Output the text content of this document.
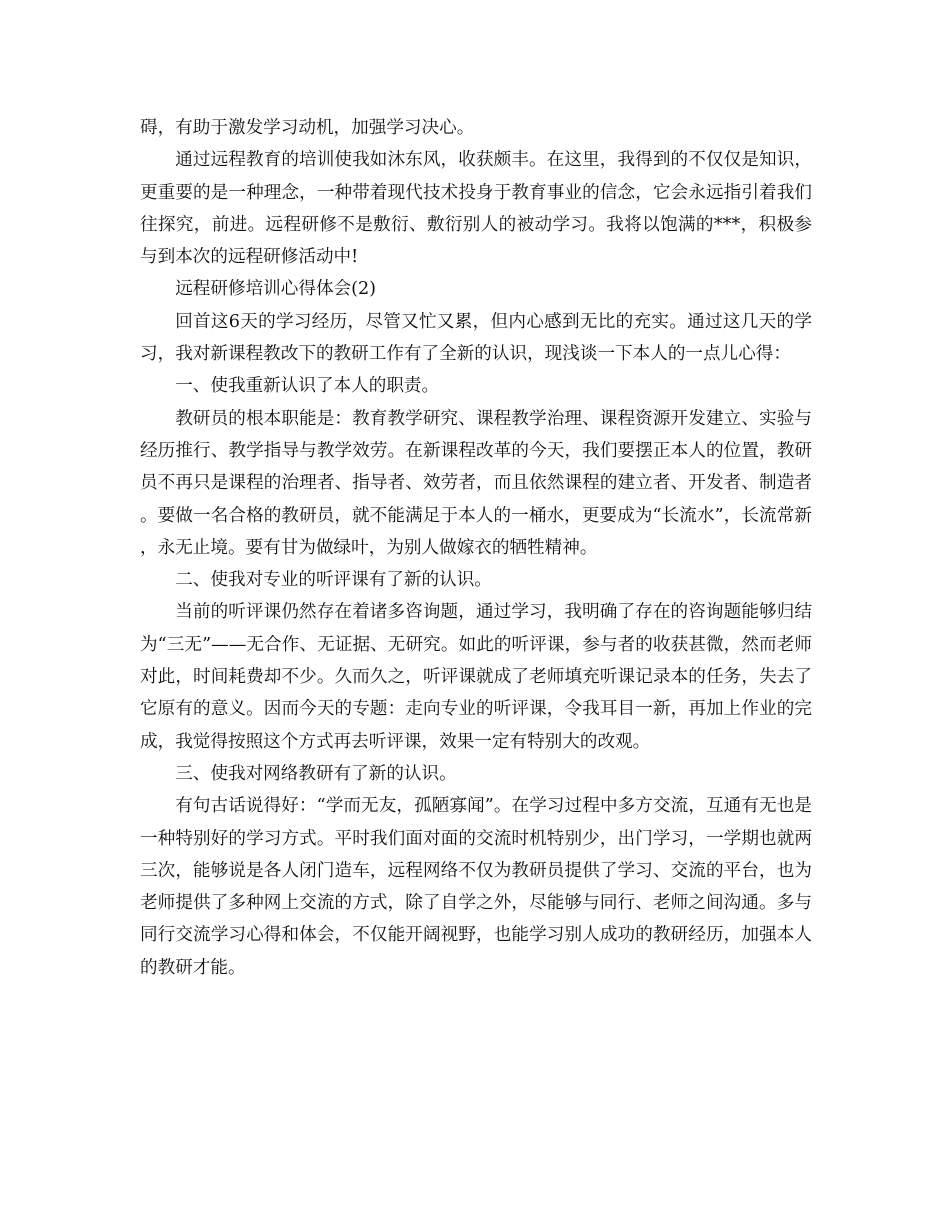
碍，有助于激发学习动机，加强学习决心。

通过远程教育的培训使我如沐东风，收获颇丰。在这里，我得到的不仅仅是知识，更重要的是一种理念，一种带着现代技术投身于教育事业的信念，它会永远指引着我们往探究，前进。远程研修不是敷衍、敷衍别人的被动学习。我将以饱满的***，积极参与到本次的远程研修活动中!

远程研修培训心得体会(2)

回首这6天的学习经历，尽管又忙又累，但内心感到无比的充实。通过这几天的学习，我对新课程教改下的教研工作有了全新的认识，现浅谈一下本人的一点儿心得：

一、使我重新认识了本人的职责。

教研员的根本职能是：教育教学研究、课程教学治理、课程资源开发建立、实验与经历推行、教学指导与教学效劳。在新课程改革的今天，我们要摆正本人的位置，教研员不再只是课程的治理者、指导者、效劳者，而且依然课程的建立者、开发者、制造者。要做一名合格的教研员，就不能满足于本人的一桶水，更要成为“长流水”，长流常新，永无止境。要有甘为做绿叶，为别人做嫁衣的牺牲精神。

二、使我对专业的听评课有了新的认识。

当前的听评课仍然存在着诸多咨询题，通过学习，我明确了存在的咨询题能够归结为“三无”——无合作、无证据、无研究。如此的听评课，参与者的收获甚微，然而老师对此，时间耗费却不少。久而久之，听评课就成了老师填充听课记录本的任务，失去了它原有的意义。因而今天的专题：走向专业的听评课，令我耳目一新，再加上作业的完成，我觉得按照这个方式再去听评课，效果一定有特别大的改观。

三、使我对网络教研有了新的认识。

有句古话说得好：“学而无友，孤陋寡闻”。在学习过程中多方交流，互通有无也是一种特别好的学习方式。平时我们面对面的交流时机特别少，出门学习，一学期也就两三次，能够说是各人闭门造车，远程网络不仅为教研员提供了学习、交流的平台，也为老师提供了多种网上交流的方式，除了自学之外，尽能够与同行、老师之间沟通。多与同行交流学习心得和体会，不仅能开阔视野，也能学习别人成功的教研经历，加强本人的教研才能。
